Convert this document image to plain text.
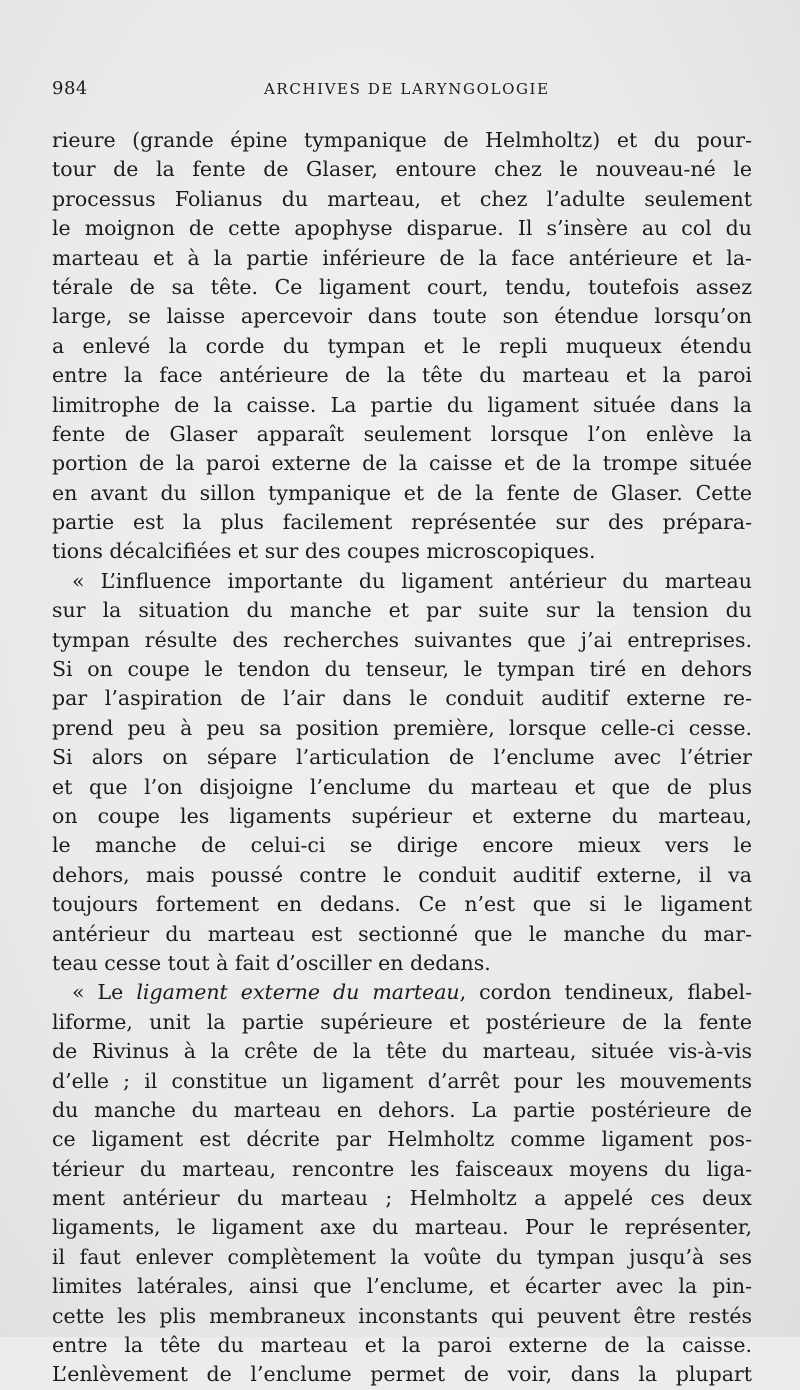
984	ARCHIVES DE LARYNGOLOGIE
rieure (grande épine tympanique de Helmholtz) et du pour-
tour de la fente de Glaser, entoure chez le nouveau-né le
processus Folianus du marteau, et chez l’adulte seulement
le moignon de cette apophyse disparue. Il s’insère au col du
marteau et à la partie inférieure de la face antérieure et la-
térale de sa tête. Ce ligament court, tendu, toutefois assez
large, se laisse apercevoir dans toute son étendue lorsqu’on
a enlevé la corde du tympan et le repli muqueux étendu
entre la face antérieure de la tête du marteau et la paroi
limitrophe de la caisse. La partie du ligament située dans la
fente de Glaser apparaît seulement lorsque l’on enlève la
portion de la paroi externe de la caisse et de la trompe située
en avant du sillon tympanique et de la fente de Glaser. Cette
partie est la plus facilement représentée sur des prépara-
tions décalcifiées et sur des coupes microscopiques.
« L’influence importante du ligament antérieur du marteau
sur la situation du manche et par suite sur la tension du
tympan résulte des recherches suivantes que j’ai entreprises.
Si on coupe le tendon du tenseur, le tympan tiré en dehors
par l’aspiration de l’air dans le conduit auditif externe re-
prend peu à peu sa position première, lorsque celle-ci cesse.
Si alors on sépare l’articulation de l’enclume avec l’étrier
et que l’on disjoigne l’enclume du marteau et que de plus
on coupe les ligaments supérieur et externe du marteau,
le manche de celui-ci se dirige encore mieux vers le
dehors, mais poussé contre le conduit auditif externe, il va
toujours fortement en dedans. Ce n’est que si le ligament
antérieur du marteau est sectionné que le manche du mar-
teau cesse tout à fait d’osciller en dedans.
« Le ligament externe du marteau, cordon tendineux, flabel-
liforme, unit la partie supérieure et postérieure de la fente
de Rivinus à la crête de la tête du marteau, située vis-à-vis
d’elle ; il constitue un ligament d’arrêt pour les mouvements
du manche du marteau en dehors. La partie postérieure de
ce ligament est décrite par Helmholtz comme ligament pos-
térieur du marteau, rencontre les faisceaux moyens du liga-
ment antérieur du marteau ; Helmholtz a appelé ces deux
ligaments, le ligament axe du marteau. Pour le représenter,
il faut enlever complètement la voûte du tympan jusqu’à ses
limites latérales, ainsi que l’enclume, et écarter avec la pin-
cette les plis membraneux inconstants qui peuvent être restés
entre la tête du marteau et la paroi externe de la caisse.
L’enlèvement de l’enclume permet de voir, dans la plupart
